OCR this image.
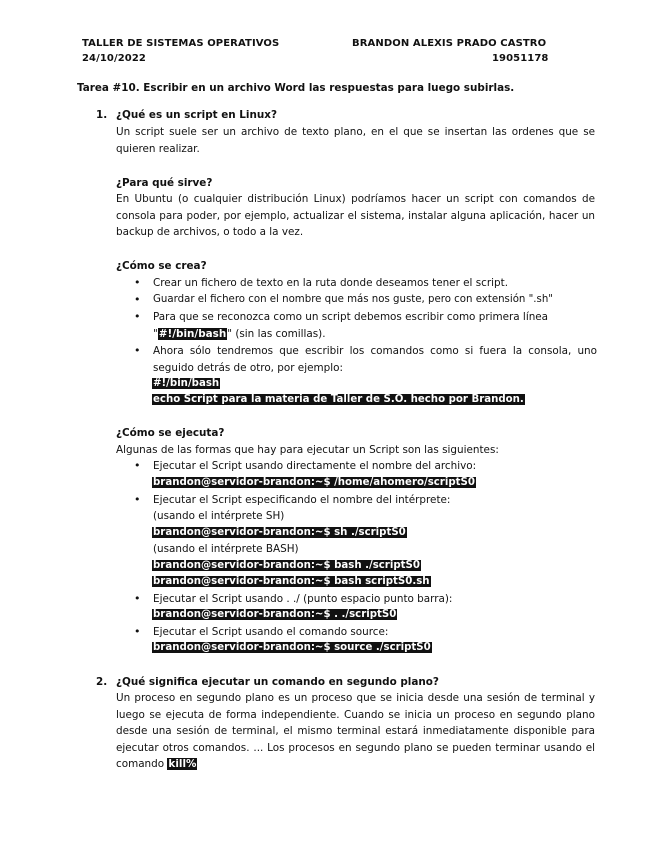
TALLER DE SISTEMAS OPERATIVOS
24/10/2022
BRANDON ALEXIS PRADO CASTRO
19051178
Tarea #10. Escribir en un archivo Word las respuestas para luego subirlas.
1. ¿Qué es un script en Linux?
Un script suele ser un archivo de texto plano, en el que se insertan las ordenes que se quieren realizar.
¿Para qué sirve?
En Ubuntu (o cualquier distribución Linux) podríamos hacer un script con comandos de consola para poder, por ejemplo, actualizar el sistema, instalar alguna aplicación, hacer un backup de archivos, o todo a la vez.
¿Cómo se crea?
•	Crear un fichero de texto en la ruta donde deseamos tener el script.
•	Guardar el fichero con el nombre que más nos guste, pero con extensión ".sh"
•	Para que se reconozca como un script debemos escribir como primera línea "#!/bin/bash" (sin las comillas).
•	Ahora sólo tendremos que escribir los comandos como si fuera la consola, uno seguido detrás de otro, por ejemplo:
#!/bin/bash
echo Script para la materia de Taller de S.O. hecho por Brandon.
¿Cómo se ejecuta?
Algunas de las formas que hay para ejecutar un Script son las siguientes:
•	Ejecutar el Script usando directamente el nombre del archivo:
brandon@servidor-brandon:~$ /home/ahomero/scriptS0
•	Ejecutar el Script especificando el nombre del intérprete:
(usando el intérprete SH)
brandon@servidor-brandon:~$ sh ./scriptS0
(usando el intérprete BASH)
brandon@servidor-brandon:~$ bash ./scriptS0
brandon@servidor-brandon:~$ bash scriptS0.sh
•	Ejecutar el Script usando . ./ (punto espacio punto barra):
brandon@servidor-brandon:~$ . ./scriptS0
•	Ejecutar el Script usando el comando source:
brandon@servidor-brandon:~$ source ./scriptS0
2. ¿Qué significa ejecutar un comando en segundo plano?
Un proceso en segundo plano es un proceso que se inicia desde una sesión de terminal y luego se ejecuta de forma independiente. Cuando se inicia un proceso en segundo plano desde una sesión de terminal, el mismo terminal estará inmediatamente disponible para ejecutar otros comandos. ... Los procesos en segundo plano se pueden terminar usando el comando kill%
